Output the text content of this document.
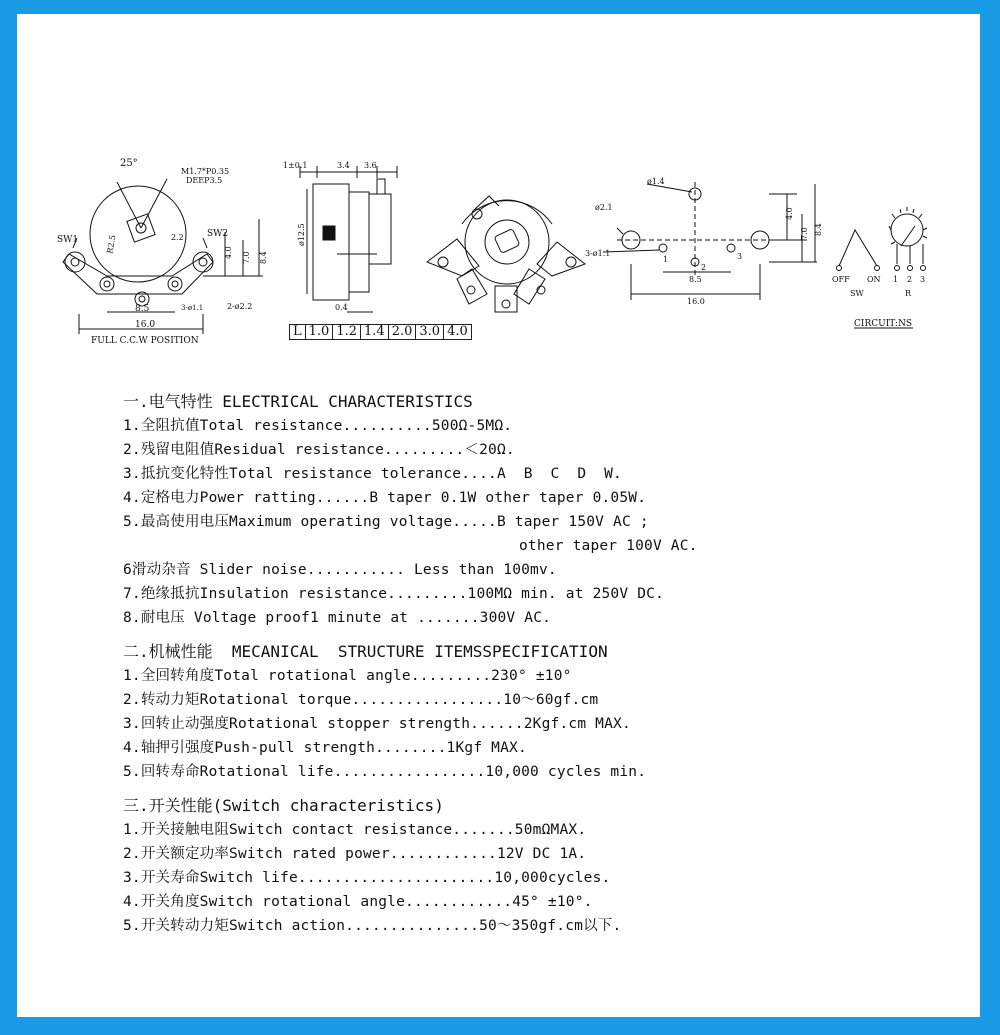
25°
M1.7*P0.35
DEEP3.5
SW1
SW2
R2.5	2.2
4.0 7.0 8.4
8.5
16.0
3-ø1.1	2-ø2.2
FULL C.C.W POSITION
1±0.1	3.4 3.6
ø12.5
0.4
ø1.4
ø2.1
3-ø1.1
1
2
3
4.0
7.0 8.4
8.5
16.0
OFF ON 1 2 3
SW	R
CIRCUIT:NS
L	1.0	1.2	1.4	2.0	3.0	4.0
一.电气特性 ELECTRICAL CHARACTERISTICS
1.全阻抗值Total resistance..........500Ω-5MΩ.
2.残留电阻值Residual resistance.........＜20Ω.
3.抵抗变化特性Total resistance tolerance....A  B  C  D  W.
4.定格电力Power ratting......B taper 0.1W other taper 0.05W.
5.最高使用电压Maximum operating voltage.....B taper 150V AC ;
other taper 100V AC.
6滑动杂音 Slider noise........... Less than 100mv.
7.绝缘抵抗Insulation resistance.........100MΩ min. at 250V DC.
8.耐电压 Voltage proof1 minute at .......300V AC.
二.机械性能  MECANICAL  STRUCTURE ITEMSSPECIFICATION
1.全回转角度Total rotational angle.........230° ±10°
2.转动力矩Rotational torque.................10～60gf.cm
3.回转止动强度Rotational stopper strength......2Kgf.cm MAX.
4.轴押引强度Push-pull strength........1Kgf MAX.
5.回转寿命Rotational life.................10,000 cycles min.
三.开关性能(Switch characteristics)
1.开关接触电阻Switch contact resistance.......50mΩMAX.
2.开关额定功率Switch rated power............12V DC 1A.
3.开关寿命Switch life......................10,000cycles.
4.开关角度Switch rotational angle............45° ±10°.
5.开关转动力矩Switch action...............50～350gf.cm以下.
